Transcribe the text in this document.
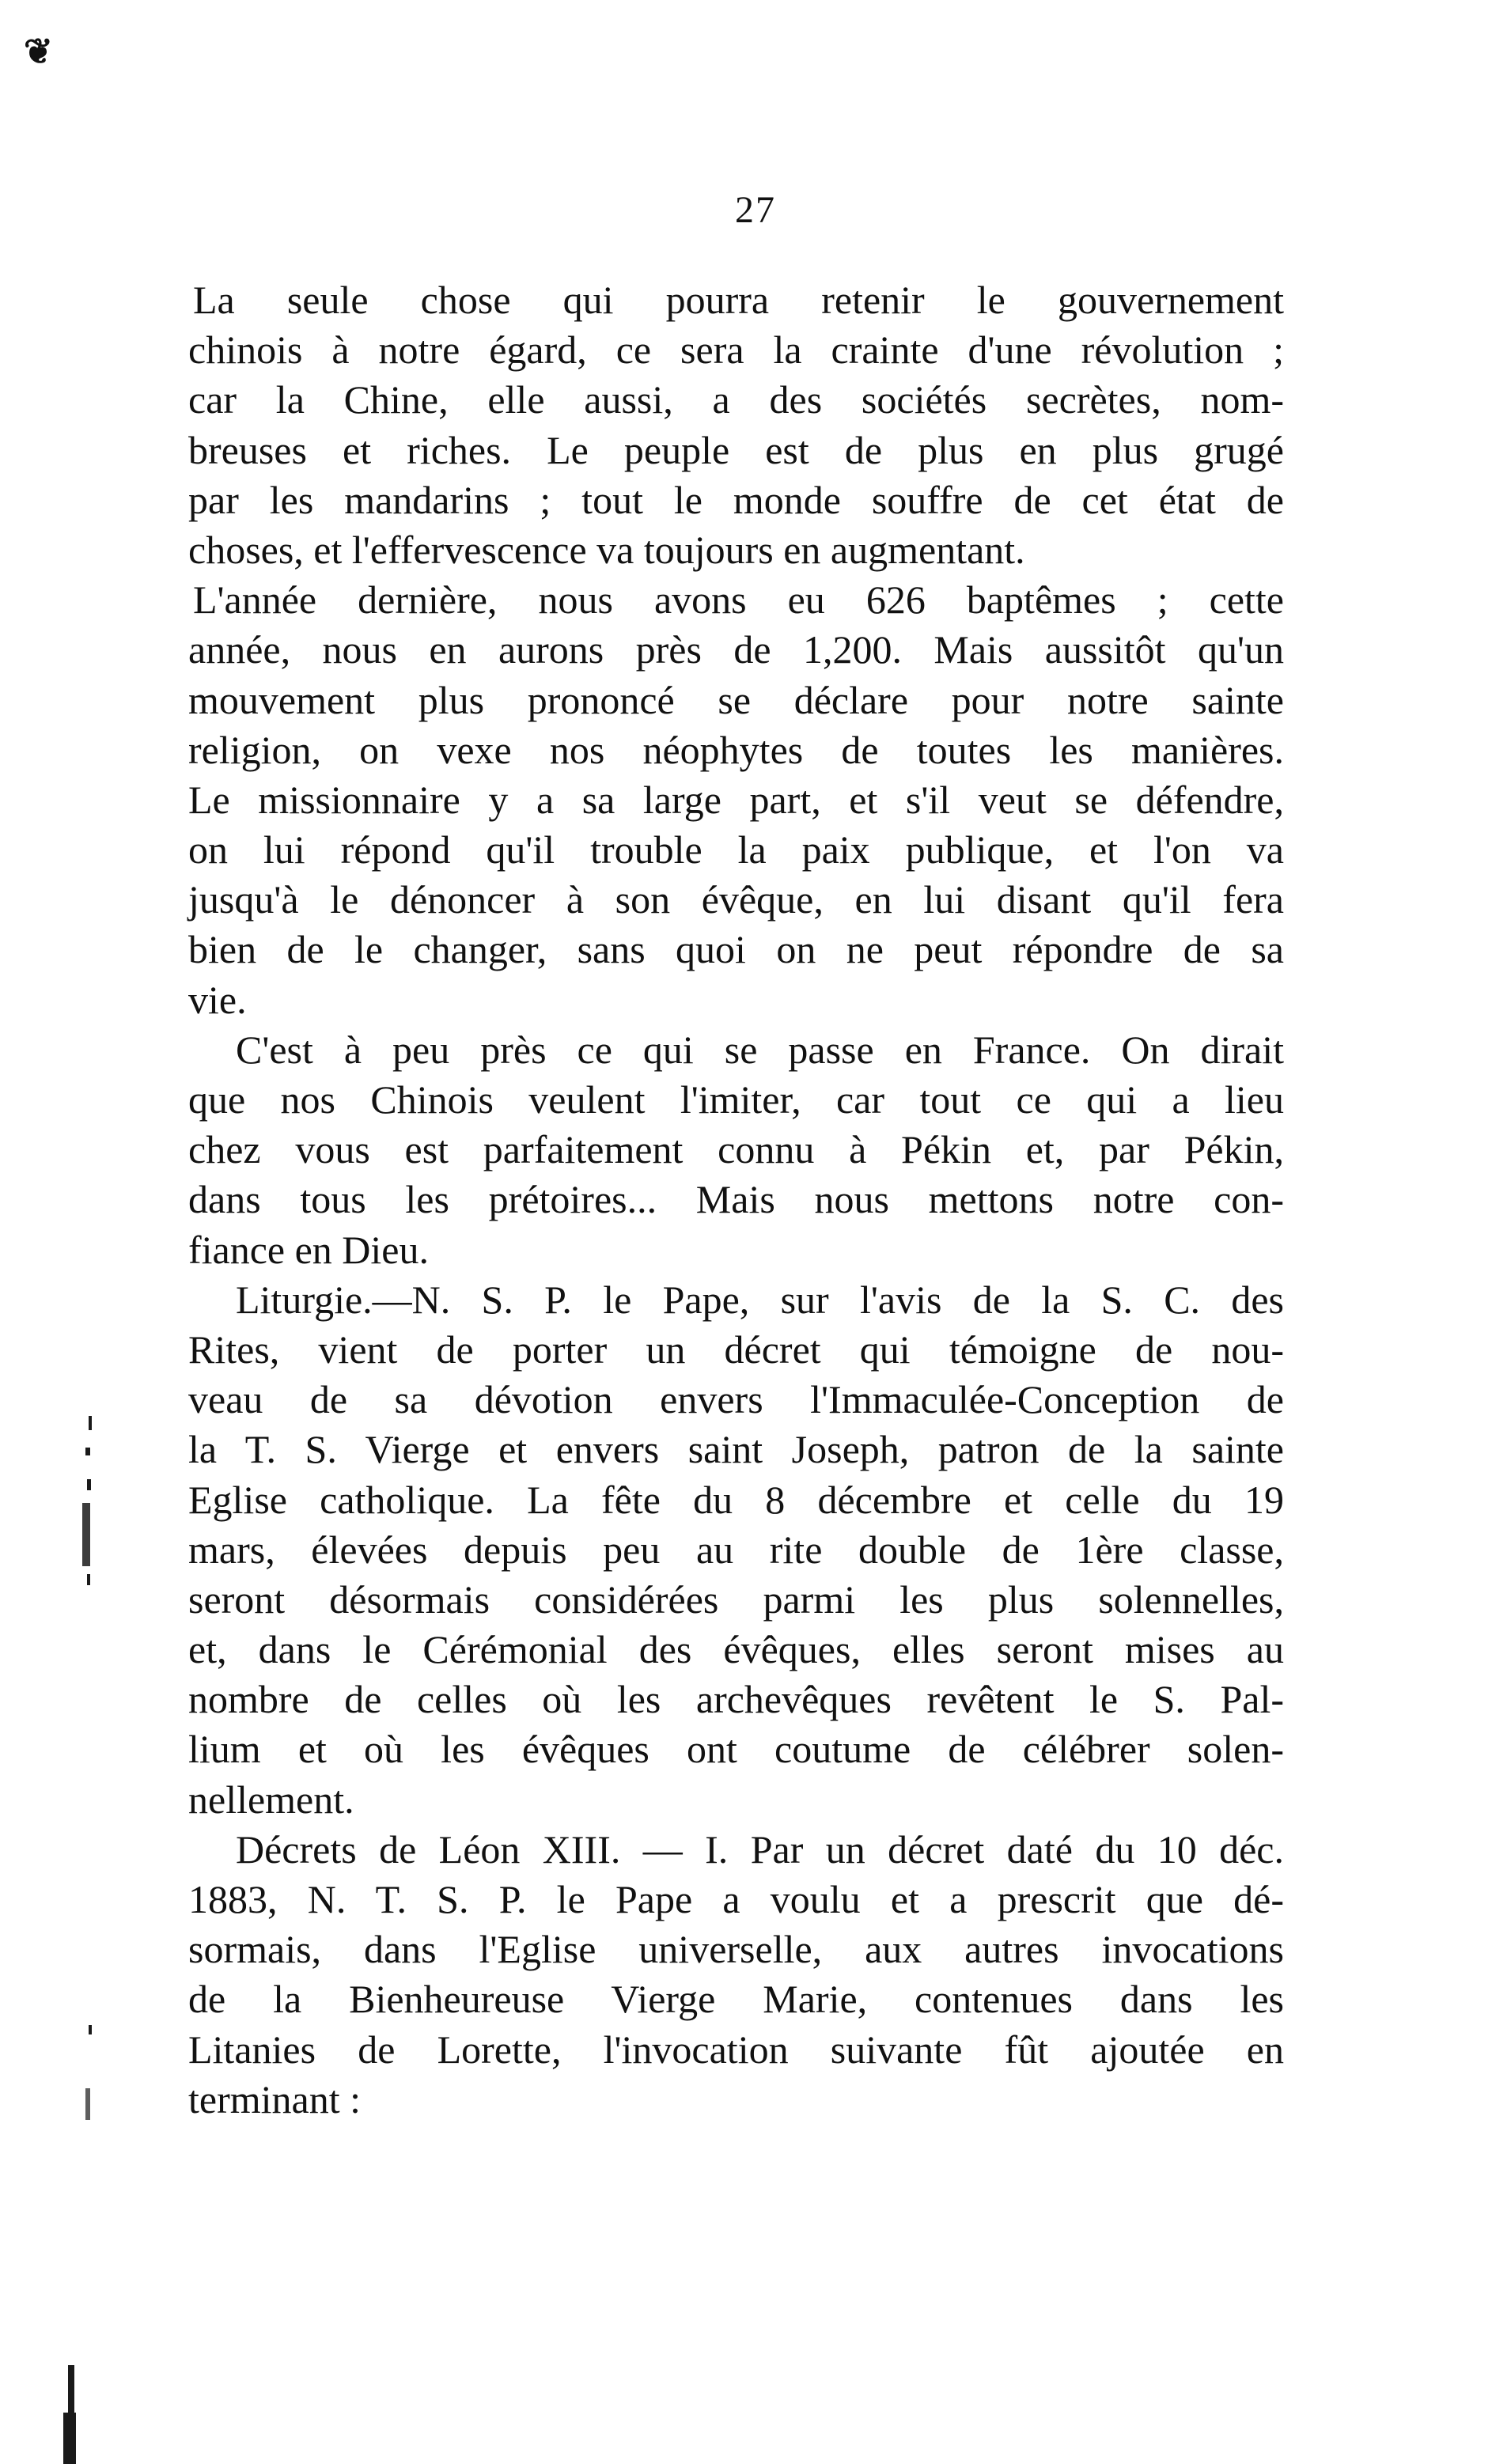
❦
27
La seule chose qui pourra retenir le gouvernement
chinois à notre égard, ce sera la crainte d'une révolution ;
car la Chine, elle aussi, a des sociétés secrètes, nom-
breuses et riches. Le peuple est de plus en plus grugé
par les mandarins ; tout le monde souffre de cet état de
choses, et l'effervescence va toujours en augmentant.
L'année dernière, nous avons eu 626 baptêmes ; cette
année, nous en aurons près de 1,200. Mais aussitôt qu'un
mouvement plus prononcé se déclare pour notre sainte
religion, on vexe nos néophytes de toutes les manières.
Le missionnaire y a sa large part, et s'il veut se défendre,
on lui répond qu'il trouble la paix publique, et l'on va
jusqu'à le dénoncer à son évêque, en lui disant qu'il fera
bien de le changer, sans quoi on ne peut répondre de sa
vie.
C'est à peu près ce qui se passe en France. On dirait
que nos Chinois veulent l'imiter, car tout ce qui a lieu
chez vous est parfaitement connu à Pékin et, par Pékin,
dans tous les prétoires... Mais nous mettons notre con-
fiance en Dieu.
Liturgie.—N. S. P. le Pape, sur l'avis de la S. C. des
Rites, vient de porter un décret qui témoigne de nou-
veau de sa dévotion envers l'Immaculée-Conception de
la T. S. Vierge et envers saint Joseph, patron de la sainte
Eglise catholique. La fête du 8 décembre et celle du 19
mars, élevées depuis peu au rite double de 1ère classe,
seront désormais considérées parmi les plus solennelles,
et, dans le Cérémonial des évêques, elles seront mises au
nombre de celles où les archevêques revêtent le S. Pal-
lium et où les évêques ont coutume de célébrer solen-
nellement.
Décrets de Léon XIII. — I. Par un décret daté du 10 déc.
1883, N. T. S. P. le Pape a voulu et a prescrit que dé-
sormais, dans l'Eglise universelle, aux autres invocations
de la Bienheureuse Vierge Marie, contenues dans les
Litanies de Lorette, l'invocation suivante fût ajoutée en
terminant :
